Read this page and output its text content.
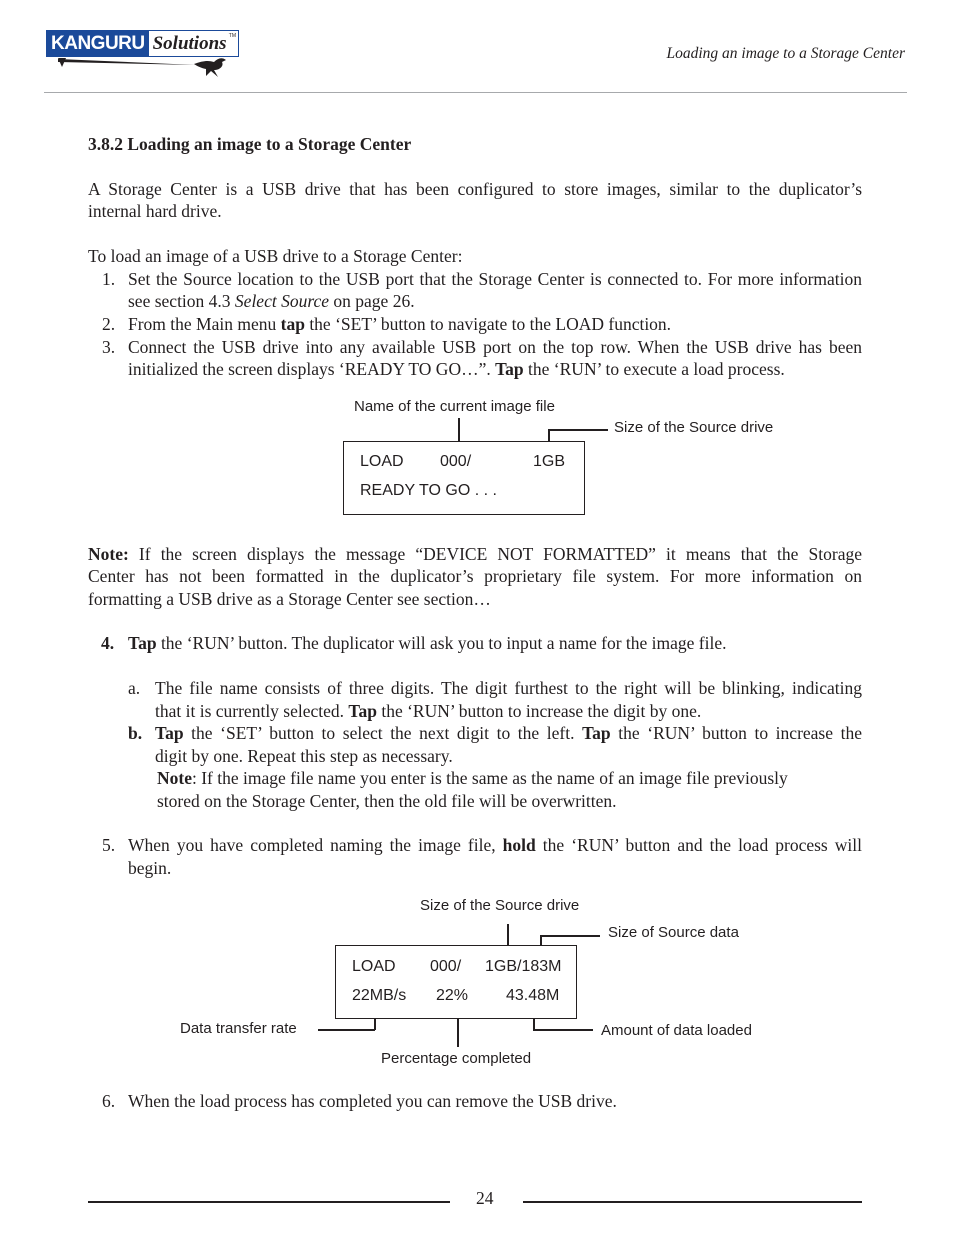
KANGURU Solutions TM
Loading an image to a Storage Center
3.8.2 Loading an image to a Storage Center
A Storage Center is a USB drive that has been configured to store images, similar to the duplicator’s
internal hard drive.
To load an image of a USB drive to a Storage Center:
1. Set the Source location to the USB port that the Storage Center is connected to. For more information
see section 4.3 Select Source on page 26.
2. From the Main menu tap the ‘SET’ button to navigate to the LOAD function.
3. Connect the USB drive into any available USB port on the top row. When the USB drive has been
initialized the screen displays ‘READY TO GO…”. Tap the ‘RUN’ to execute a load process.
Name of the current image file
Size of the Source drive
LOAD 000/	1GB
READY TO GO . . .
Note: If the screen displays the message “DEVICE NOT FORMATTED” it means that the Storage
Center has not been formatted in the duplicator’s proprietary file system. For more information on
formatting a USB drive as a Storage Center see section…
4. Tap the ‘RUN’ button. The duplicator will ask you to input a name for the image file.
a. The file name consists of three digits. The digit furthest to the right will be blinking, indicating
that it is currently selected. Tap the ‘RUN’ button to increase the digit by one.
b. Tap the ‘SET’ button to select the next digit to the left. Tap the ‘RUN’ button to increase the
digit by one. Repeat this step as necessary.
Note: If the image file name you enter is the same as the name of an image file previously
stored on the Storage Center, then the old file will be overwritten.
5. When you have completed naming the image file, hold the ‘RUN’ button and the load process will
begin.
Size of the Source drive
Size of Source data
Data transfer rate	Amount of data loaded
Percentage completed
LOAD 000/ 1GB/183M
22MB/s 22% 43.48M
6. When the load process has completed you can remove the USB drive.
24
